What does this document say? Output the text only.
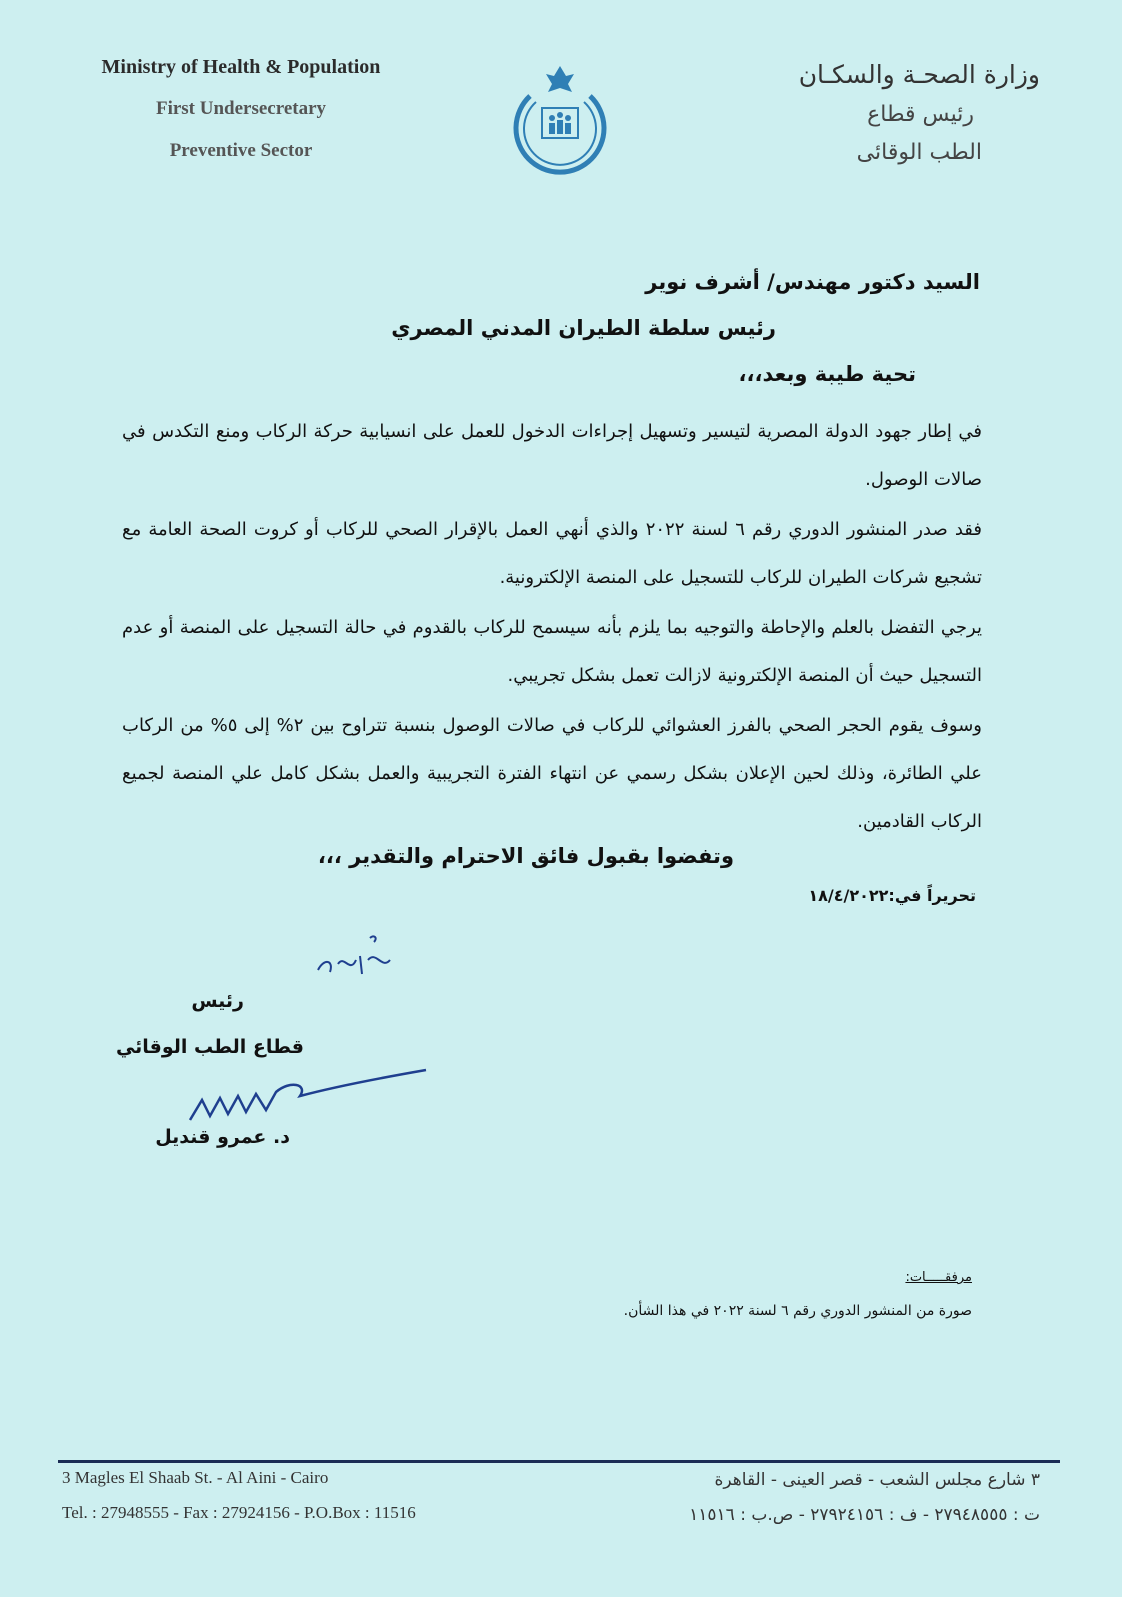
Ministry of Health & Population
First Undersecretary
Preventive Sector
وزارة الصحـة والسكـان
رئيس قطاع
الطب الوقائى
السيد دكتور مهندس/ أشرف نوير
رئيس سلطة الطيران المدني المصري
تحية طيبة وبعد،،،
في إطار جهود الدولة المصرية لتيسير وتسهيل إجراءات الدخول للعمل على انسيابية حركة الركاب ومنع التكدس في صالات الوصول.
فقد صدر المنشور الدوري رقم ٦ لسنة ٢٠٢٢ والذي أنهي العمل بالإقرار الصحي للركاب أو كروت الصحة العامة مع تشجيع شركات الطيران للركاب للتسجيل على المنصة الإلكترونية.
يرجي التفضل بالعلم والإحاطة والتوجيه بما يلزم بأنه سيسمح للركاب بالقدوم في حالة التسجيل على المنصة أو عدم التسجيل حيث أن المنصة الإلكترونية لازالت تعمل بشكل تجريبي.
وسوف يقوم الحجر الصحي بالفرز العشوائي للركاب في صالات الوصول بنسبة تتراوح بين ٢% إلى ٥% من الركاب علي الطائرة، وذلك لحين الإعلان بشكل رسمي عن انتهاء الفترة التجريبية والعمل بشكل كامل علي المنصة لجميع الركاب القادمين.
وتفضوا بقبول فائق الاحترام والتقدير ،،،
تحريراً في:١٨/٤/٢٠٢٢
رئيس
قطاع الطب الوقائي
د. عمرو قنديل
مرفقـــــات:
صورة من المنشور الدوري رقم ٦ لسنة ٢٠٢٢ في هذا الشأن.
3 Magles El Shaab St. - Al Aini - Cairo
Tel. : 27948555 - Fax : 27924156 - P.O.Box : 11516
٣ شارع مجلس الشعب - قصر العينى - القاهرة
ت : ٢٧٩٤٨٥٥٥ - ف : ٢٧٩٢٤١٥٦ - ص.ب : ١١٥١٦
